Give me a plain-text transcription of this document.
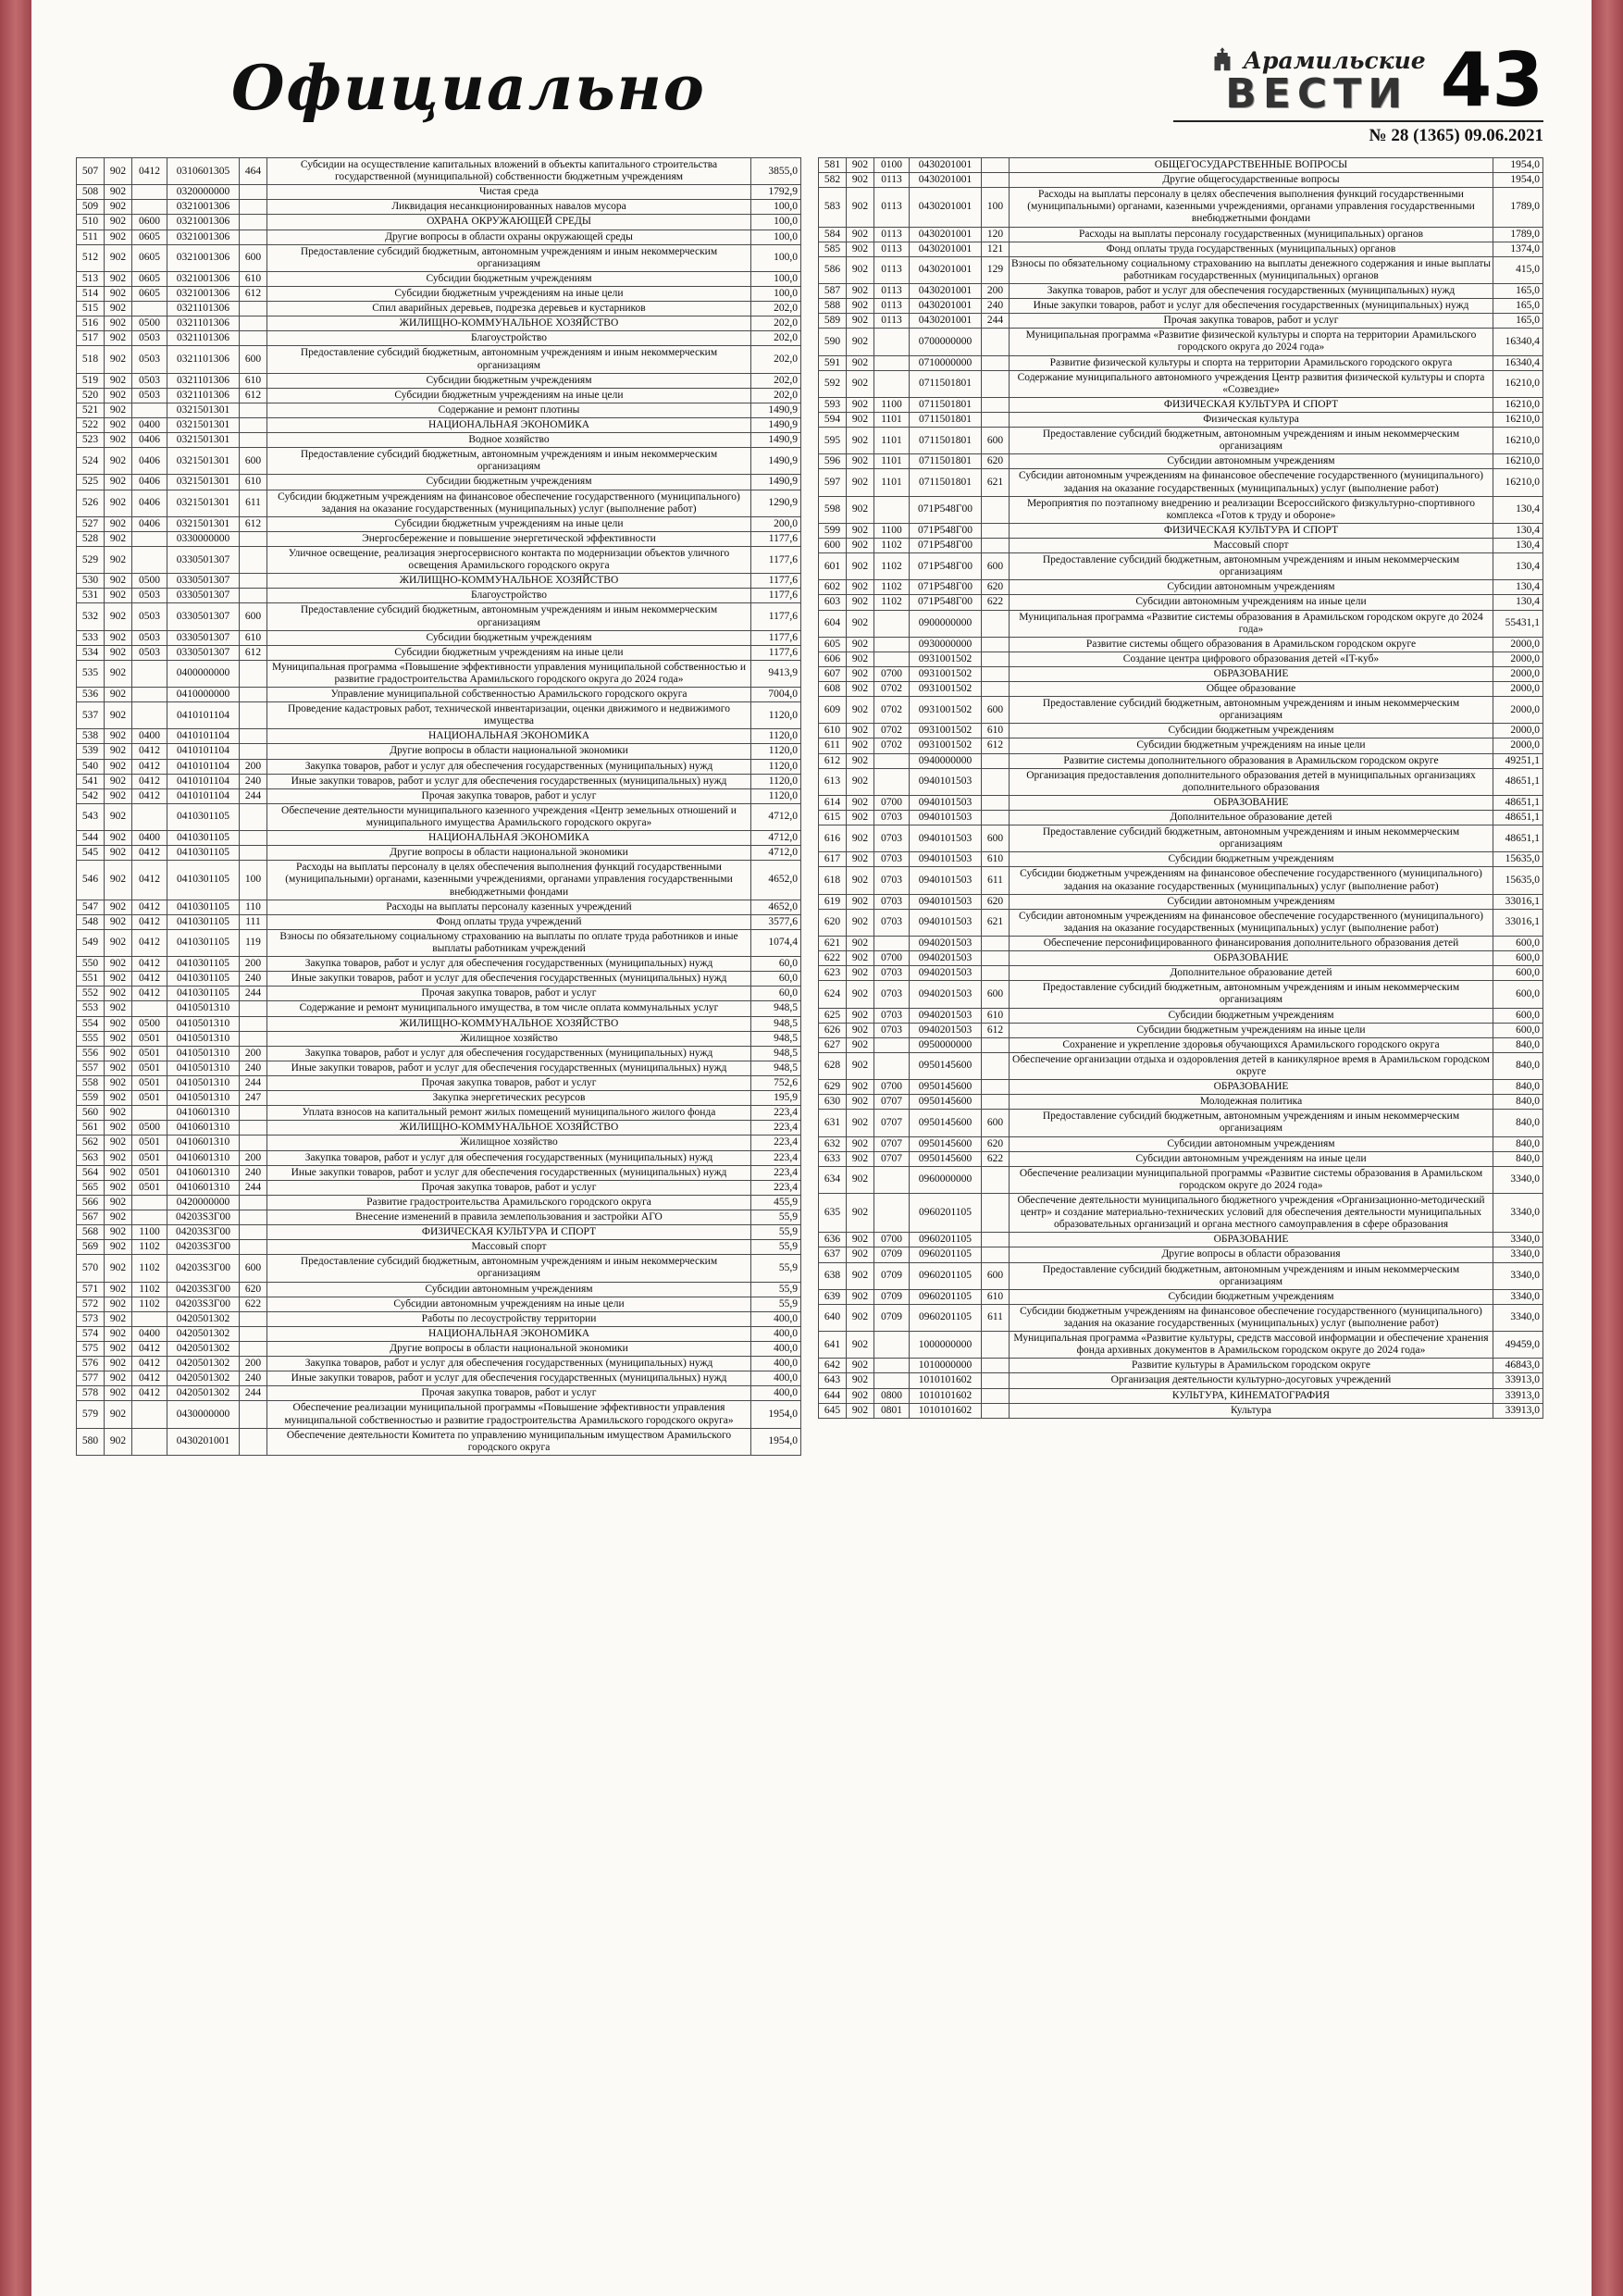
Официально	Арамильские
ВЕСТИ 43
№ 28 (1365) 09.06.2021
507	902	0412	0310601305	464	Субсидии на осуществление капитальных вложений в объекты капитального строительства государственной (муниципальной) собственности бюджетным учреждениям	3855,0
508	902		0320000000		Чистая среда	1792,9
509	902		0321001306		Ликвидация несанкционированных навалов мусора	100,0
510	902	0600	0321001306		ОХРАНА ОКРУЖАЮЩЕЙ СРЕДЫ	100,0
511	902	0605	0321001306		Другие вопросы в области охраны окружающей среды	100,0
512	902	0605	0321001306	600	Предоставление субсидий бюджетным, автономным учреждениям и иным некоммерческим организациям	100,0
513	902	0605	0321001306	610	Субсидии бюджетным учреждениям	100,0
514	902	0605	0321001306	612	Субсидии бюджетным учреждениям на иные цели	100,0
515	902		0321101306		Спил аварийных деревьев, подрезка деревьев и кустарников	202,0
516	902	0500	0321101306		ЖИЛИЩНО-КОММУНАЛЬНОЕ ХОЗЯЙСТВО	202,0
517	902	0503	0321101306		Благоустройство	202,0
518	902	0503	0321101306	600	Предоставление субсидий бюджетным, автономным учреждениям и иным некоммерческим организациям	202,0
519	902	0503	0321101306	610	Субсидии бюджетным учреждениям	202,0
520	902	0503	0321101306	612	Субсидии бюджетным учреждениям на иные цели	202,0
521	902		0321501301		Содержание и ремонт плотины	1490,9
522	902	0400	0321501301		НАЦИОНАЛЬНАЯ ЭКОНОМИКА	1490,9
523	902	0406	0321501301		Водное хозяйство	1490,9
524	902	0406	0321501301	600	Предоставление субсидий бюджетным, автономным учреждениям и иным некоммерческим организациям	1490,9
525	902	0406	0321501301	610	Субсидии бюджетным учреждениям	1490,9
526	902	0406	0321501301	611	Субсидии бюджетным учреждениям на финансовое обеспечение государственного (муниципального) задания на оказание государственных (муниципальных) услуг (выполнение работ)	1290,9
527	902	0406	0321501301	612	Субсидии бюджетным учреждениям на иные цели	200,0
528	902		0330000000		Энергосбережение и повышение энергетической эффективности	1177,6
529	902		0330501307		Уличное освещение, реализация энергосервисного контакта по модернизации объектов уличного освещения Арамильского городского округа	1177,6
530	902	0500	0330501307		ЖИЛИЩНО-КОММУНАЛЬНОЕ ХОЗЯЙСТВО	1177,6
531	902	0503	0330501307		Благоустройство	1177,6
532	902	0503	0330501307	600	Предоставление субсидий бюджетным, автономным учреждениям и иным некоммерческим организациям	1177,6
533	902	0503	0330501307	610	Субсидии бюджетным учреждениям	1177,6
534	902	0503	0330501307	612	Субсидии бюджетным учреждениям на иные цели	1177,6
535	902		0400000000		Муниципальная программа «Повышение эффективности управления муниципальной собственностью и развитие градостроительства Арамильского городского округа до 2024 года»	9413,9
536	902		0410000000		Управление муниципальной собственностью Арамильского городского округа	7004,0
537	902		0410101104		Проведение кадастровых работ, технической инвентаризации, оценки движимого и недвижимого имущества	1120,0
538	902	0400	0410101104		НАЦИОНАЛЬНАЯ ЭКОНОМИКА	1120,0
539	902	0412	0410101104		Другие вопросы в области национальной экономики	1120,0
540	902	0412	0410101104	200	Закупка товаров, работ и услуг для обеспечения государственных (муниципальных) нужд	1120,0
541	902	0412	0410101104	240	Иные закупки товаров, работ и услуг для обеспечения государственных (муниципальных) нужд	1120,0
542	902	0412	0410101104	244	Прочая закупка товаров, работ и услуг	1120,0
543	902		0410301105		Обеспечение деятельности муниципального казенного учреждения «Центр земельных отношений и муниципального имущества Арамильского городского округа»	4712,0
544	902	0400	0410301105		НАЦИОНАЛЬНАЯ ЭКОНОМИКА	4712,0
545	902	0412	0410301105		Другие вопросы в области национальной экономики	4712,0
546	902	0412	0410301105	100	Расходы на выплаты персоналу в целях обеспечения выполнения функций государственными (муниципальными) органами, казенными учреждениями, органами управления государственными внебюджетными фондами	4652,0
547	902	0412	0410301105	110	Расходы на выплаты персоналу казенных учреждений	4652,0
548	902	0412	0410301105	111	Фонд оплаты труда учреждений	3577,6
549	902	0412	0410301105	119	Взносы по обязательному социальному страхованию на выплаты по оплате труда работников и иные выплаты работникам учреждений	1074,4
550	902	0412	0410301105	200	Закупка товаров, работ и услуг для обеспечения государственных (муниципальных) нужд	60,0
551	902	0412	0410301105	240	Иные закупки товаров, работ и услуг для обеспечения государственных (муниципальных) нужд	60,0
552	902	0412	0410301105	244	Прочая закупка товаров, работ и услуг	60,0
553	902		0410501310		Содержание и ремонт муниципального имущества, в том числе оплата коммунальных услуг	948,5
554	902	0500	0410501310		ЖИЛИЩНО-КОММУНАЛЬНОЕ ХОЗЯЙСТВО	948,5
555	902	0501	0410501310		Жилищное хозяйство	948,5
556	902	0501	0410501310	200	Закупка товаров, работ и услуг для обеспечения государственных (муниципальных) нужд	948,5
557	902	0501	0410501310	240	Иные закупки товаров, работ и услуг для обеспечения государственных (муниципальных) нужд	948,5
558	902	0501	0410501310	244	Прочая закупка товаров, работ и услуг	752,6
559	902	0501	0410501310	247	Закупка энергетических ресурсов	195,9
560	902		0410601310		Уплата взносов на капитальный ремонт жилых помещений муниципального жилого фонда	223,4
561	902	0500	0410601310		ЖИЛИЩНО-КОММУНАЛЬНОЕ ХОЗЯЙСТВО	223,4
562	902	0501	0410601310		Жилищное хозяйство	223,4
563	902	0501	0410601310	200	Закупка товаров, работ и услуг для обеспечения государственных (муниципальных) нужд	223,4
564	902	0501	0410601310	240	Иные закупки товаров, работ и услуг для обеспечения государственных (муниципальных) нужд	223,4
565	902	0501	0410601310	244	Прочая закупка товаров, работ и услуг	223,4
566	902		0420000000		Развитие градостроительства Арамильского городского округа	455,9
567	902		04203S3Г00		Внесение изменений в правила землепользования и застройки АГО	55,9
568	902	1100	04203S3Г00		ФИЗИЧЕСКАЯ КУЛЬТУРА И СПОРТ	55,9
569	902	1102	04203S3Г00		Массовый спорт	55,9
570	902	1102	04203S3Г00	600	Предоставление субсидий бюджетным, автономным учреждениям и иным некоммерческим организациям	55,9
571	902	1102	04203S3Г00	620	Субсидии автономным учреждениям	55,9
572	902	1102	04203S3Г00	622	Субсидии автономным учреждениям на иные цели	55,9
573	902		0420501302		Работы по лесоустройству территории	400,0
574	902	0400	0420501302		НАЦИОНАЛЬНАЯ ЭКОНОМИКА	400,0
575	902	0412	0420501302		Другие вопросы в области национальной экономики	400,0
576	902	0412	0420501302	200	Закупка товаров, работ и услуг для обеспечения государственных (муниципальных) нужд	400,0
577	902	0412	0420501302	240	Иные закупки товаров, работ и услуг для обеспечения государственных (муниципальных) нужд	400,0
578	902	0412	0420501302	244	Прочая закупка товаров, работ и услуг	400,0
579	902		0430000000		Обеспечение реализации муниципальной программы «Повышение эффективности управления муниципальной собственностью и развитие градостроительства Арамильского городского округа»	1954,0
580	902		0430201001		Обеспечение деятельности Комитета по управлению муниципальным имуществом Арамильского городского округа	1954,0
581	902	0100	0430201001		ОБЩЕГОСУДАРСТВЕННЫЕ ВОПРОСЫ	1954,0
582	902	0113	0430201001		Другие общегосударственные вопросы	1954,0
583	902	0113	0430201001	100	Расходы на выплаты персоналу в целях обеспечения выполнения функций государственными (муниципальными) органами, казенными учреждениями, органами управления государственными внебюджетными фондами	1789,0
584	902	0113	0430201001	120	Расходы на выплаты персоналу государственных (муниципальных) органов	1789,0
585	902	0113	0430201001	121	Фонд оплаты труда государственных (муниципальных) органов	1374,0
586	902	0113	0430201001	129	Взносы по обязательному социальному страхованию на выплаты денежного содержания и иные выплаты работникам государственных (муниципальных) органов	415,0
587	902	0113	0430201001	200	Закупка товаров, работ и услуг для обеспечения государственных (муниципальных) нужд	165,0
588	902	0113	0430201001	240	Иные закупки товаров, работ и услуг для обеспечения государственных (муниципальных) нужд	165,0
589	902	0113	0430201001	244	Прочая закупка товаров, работ и услуг	165,0
590	902		0700000000		Муниципальная программа «Развитие физической культуры и спорта на территории Арамильского городского округа до 2024 года»	16340,4
591	902		0710000000		Развитие физической культуры и спорта на территории Арамильского городского округа	16340,4
592	902		0711501801		Содержание муниципального автономного учреждения Центр развития физической культуры и спорта «Созвездие»	16210,0
593	902	1100	0711501801		ФИЗИЧЕСКАЯ КУЛЬТУРА И СПОРТ	16210,0
594	902	1101	0711501801		Физическая культура	16210,0
595	902	1101	0711501801	600	Предоставление субсидий бюджетным, автономным учреждениям и иным некоммерческим организациям	16210,0
596	902	1101	0711501801	620	Субсидии автономным учреждениям	16210,0
597	902	1101	0711501801	621	Субсидии автономным учреждениям на финансовое обеспечение государственного (муниципального) задания на оказание государственных (муниципальных) услуг (выполнение работ)	16210,0
598	902		071P548Г00		Мероприятия по поэтапному внедрению и реализации Всероссийского физкультурно-спортивного комплекса «Готов к труду и обороне»	130,4
599	902	1100	071P548Г00		ФИЗИЧЕСКАЯ КУЛЬТУРА И СПОРТ	130,4
600	902	1102	071P548Г00		Массовый спорт	130,4
601	902	1102	071P548Г00	600	Предоставление субсидий бюджетным, автономным учреждениям и иным некоммерческим организациям	130,4
602	902	1102	071P548Г00	620	Субсидии автономным учреждениям	130,4
603	902	1102	071P548Г00	622	Субсидии автономным учреждениям на иные цели	130,4
604	902		0900000000		Муниципальная программа «Развитие системы образования в Арамильском городском округе до 2024 года»	55431,1
605	902		0930000000		Развитие системы общего образования в Арамильском городском округе	2000,0
606	902		0931001502		Создание центра цифрового образования детей «IT-куб»	2000,0
607	902	0700	0931001502		ОБРАЗОВАНИЕ	2000,0
608	902	0702	0931001502		Общее образование	2000,0
609	902	0702	0931001502	600	Предоставление субсидий бюджетным, автономным учреждениям и иным некоммерческим организациям	2000,0
610	902	0702	0931001502	610	Субсидии бюджетным учреждениям	2000,0
611	902	0702	0931001502	612	Субсидии бюджетным учреждениям на иные цели	2000,0
612	902		0940000000		Развитие системы дополнительного образования в Арамильском городском округе	49251,1
613	902		0940101503		Организация предоставления дополнительного образования детей в муниципальных организациях дополнительного образования	48651,1
614	902	0700	0940101503		ОБРАЗОВАНИЕ	48651,1
615	902	0703	0940101503		Дополнительное образование детей	48651,1
616	902	0703	0940101503	600	Предоставление субсидий бюджетным, автономным учреждениям и иным некоммерческим организациям	48651,1
617	902	0703	0940101503	610	Субсидии бюджетным учреждениям	15635,0
618	902	0703	0940101503	611	Субсидии бюджетным учреждениям на финансовое обеспечение государственного (муниципального) задания на оказание государственных (муниципальных) услуг (выполнение работ)	15635,0
619	902	0703	0940101503	620	Субсидии автономным учреждениям	33016,1
620	902	0703	0940101503	621	Субсидии автономным учреждениям на финансовое обеспечение государственного (муниципального) задания на оказание государственных (муниципальных) услуг (выполнение работ)	33016,1
621	902		0940201503		Обеспечение персонифицированного финансирования дополнительного образования детей	600,0
622	902	0700	0940201503		ОБРАЗОВАНИЕ	600,0
623	902	0703	0940201503		Дополнительное образование детей	600,0
624	902	0703	0940201503	600	Предоставление субсидий бюджетным, автономным учреждениям и иным некоммерческим организациям	600,0
625	902	0703	0940201503	610	Субсидии бюджетным учреждениям	600,0
626	902	0703	0940201503	612	Субсидии бюджетным учреждениям на иные цели	600,0
627	902		0950000000		Сохранение и укрепление здоровья обучающихся Арамильского городского округа	840,0
628	902		0950145600		Обеспечение организации отдыха и оздоровления детей в каникулярное время в Арамильском городском округе	840,0
629	902	0700	0950145600		ОБРАЗОВАНИЕ	840,0
630	902	0707	0950145600		Молодежная политика	840,0
631	902	0707	0950145600	600	Предоставление субсидий бюджетным, автономным учреждениям и иным некоммерческим организациям	840,0
632	902	0707	0950145600	620	Субсидии автономным учреждениям	840,0
633	902	0707	0950145600	622	Субсидии автономным учреждениям на иные цели	840,0
634	902		0960000000		Обеспечение реализации муниципальной программы «Развитие системы образования в Арамильском городском округе до 2024 года»	3340,0
635	902		0960201105		Обеспечение деятельности муниципального бюджетного учреждения «Организационно-методический центр» и создание материально-технических условий для обеспечения деятельности муниципальных образовательных организаций и органа местного самоуправления в сфере образования	3340,0
636	902	0700	0960201105		ОБРАЗОВАНИЕ	3340,0
637	902	0709	0960201105		Другие вопросы в области образования	3340,0
638	902	0709	0960201105	600	Предоставление субсидий бюджетным, автономным учреждениям и иным некоммерческим организациям	3340,0
639	902	0709	0960201105	610	Субсидии бюджетным учреждениям	3340,0
640	902	0709	0960201105	611	Субсидии бюджетным учреждениям на финансовое обеспечение государственного (муниципального) задания на оказание государственных (муниципальных) услуг (выполнение работ)	3340,0
641	902		1000000000		Муниципальная программа «Развитие культуры, средств массовой информации и обеспечение хранения фонда архивных документов в Арамильском городском округе до 2024 года»	49459,0
642	902		1010000000		Развитие культуры в Арамильском городском округе	46843,0
643	902		1010101602		Организация деятельности культурно-досуговых учреждений	33913,0
644	902	0800	1010101602		КУЛЬТУРА, КИНЕМАТОГРАФИЯ	33913,0
645	902	0801	1010101602		Культура	33913,0
